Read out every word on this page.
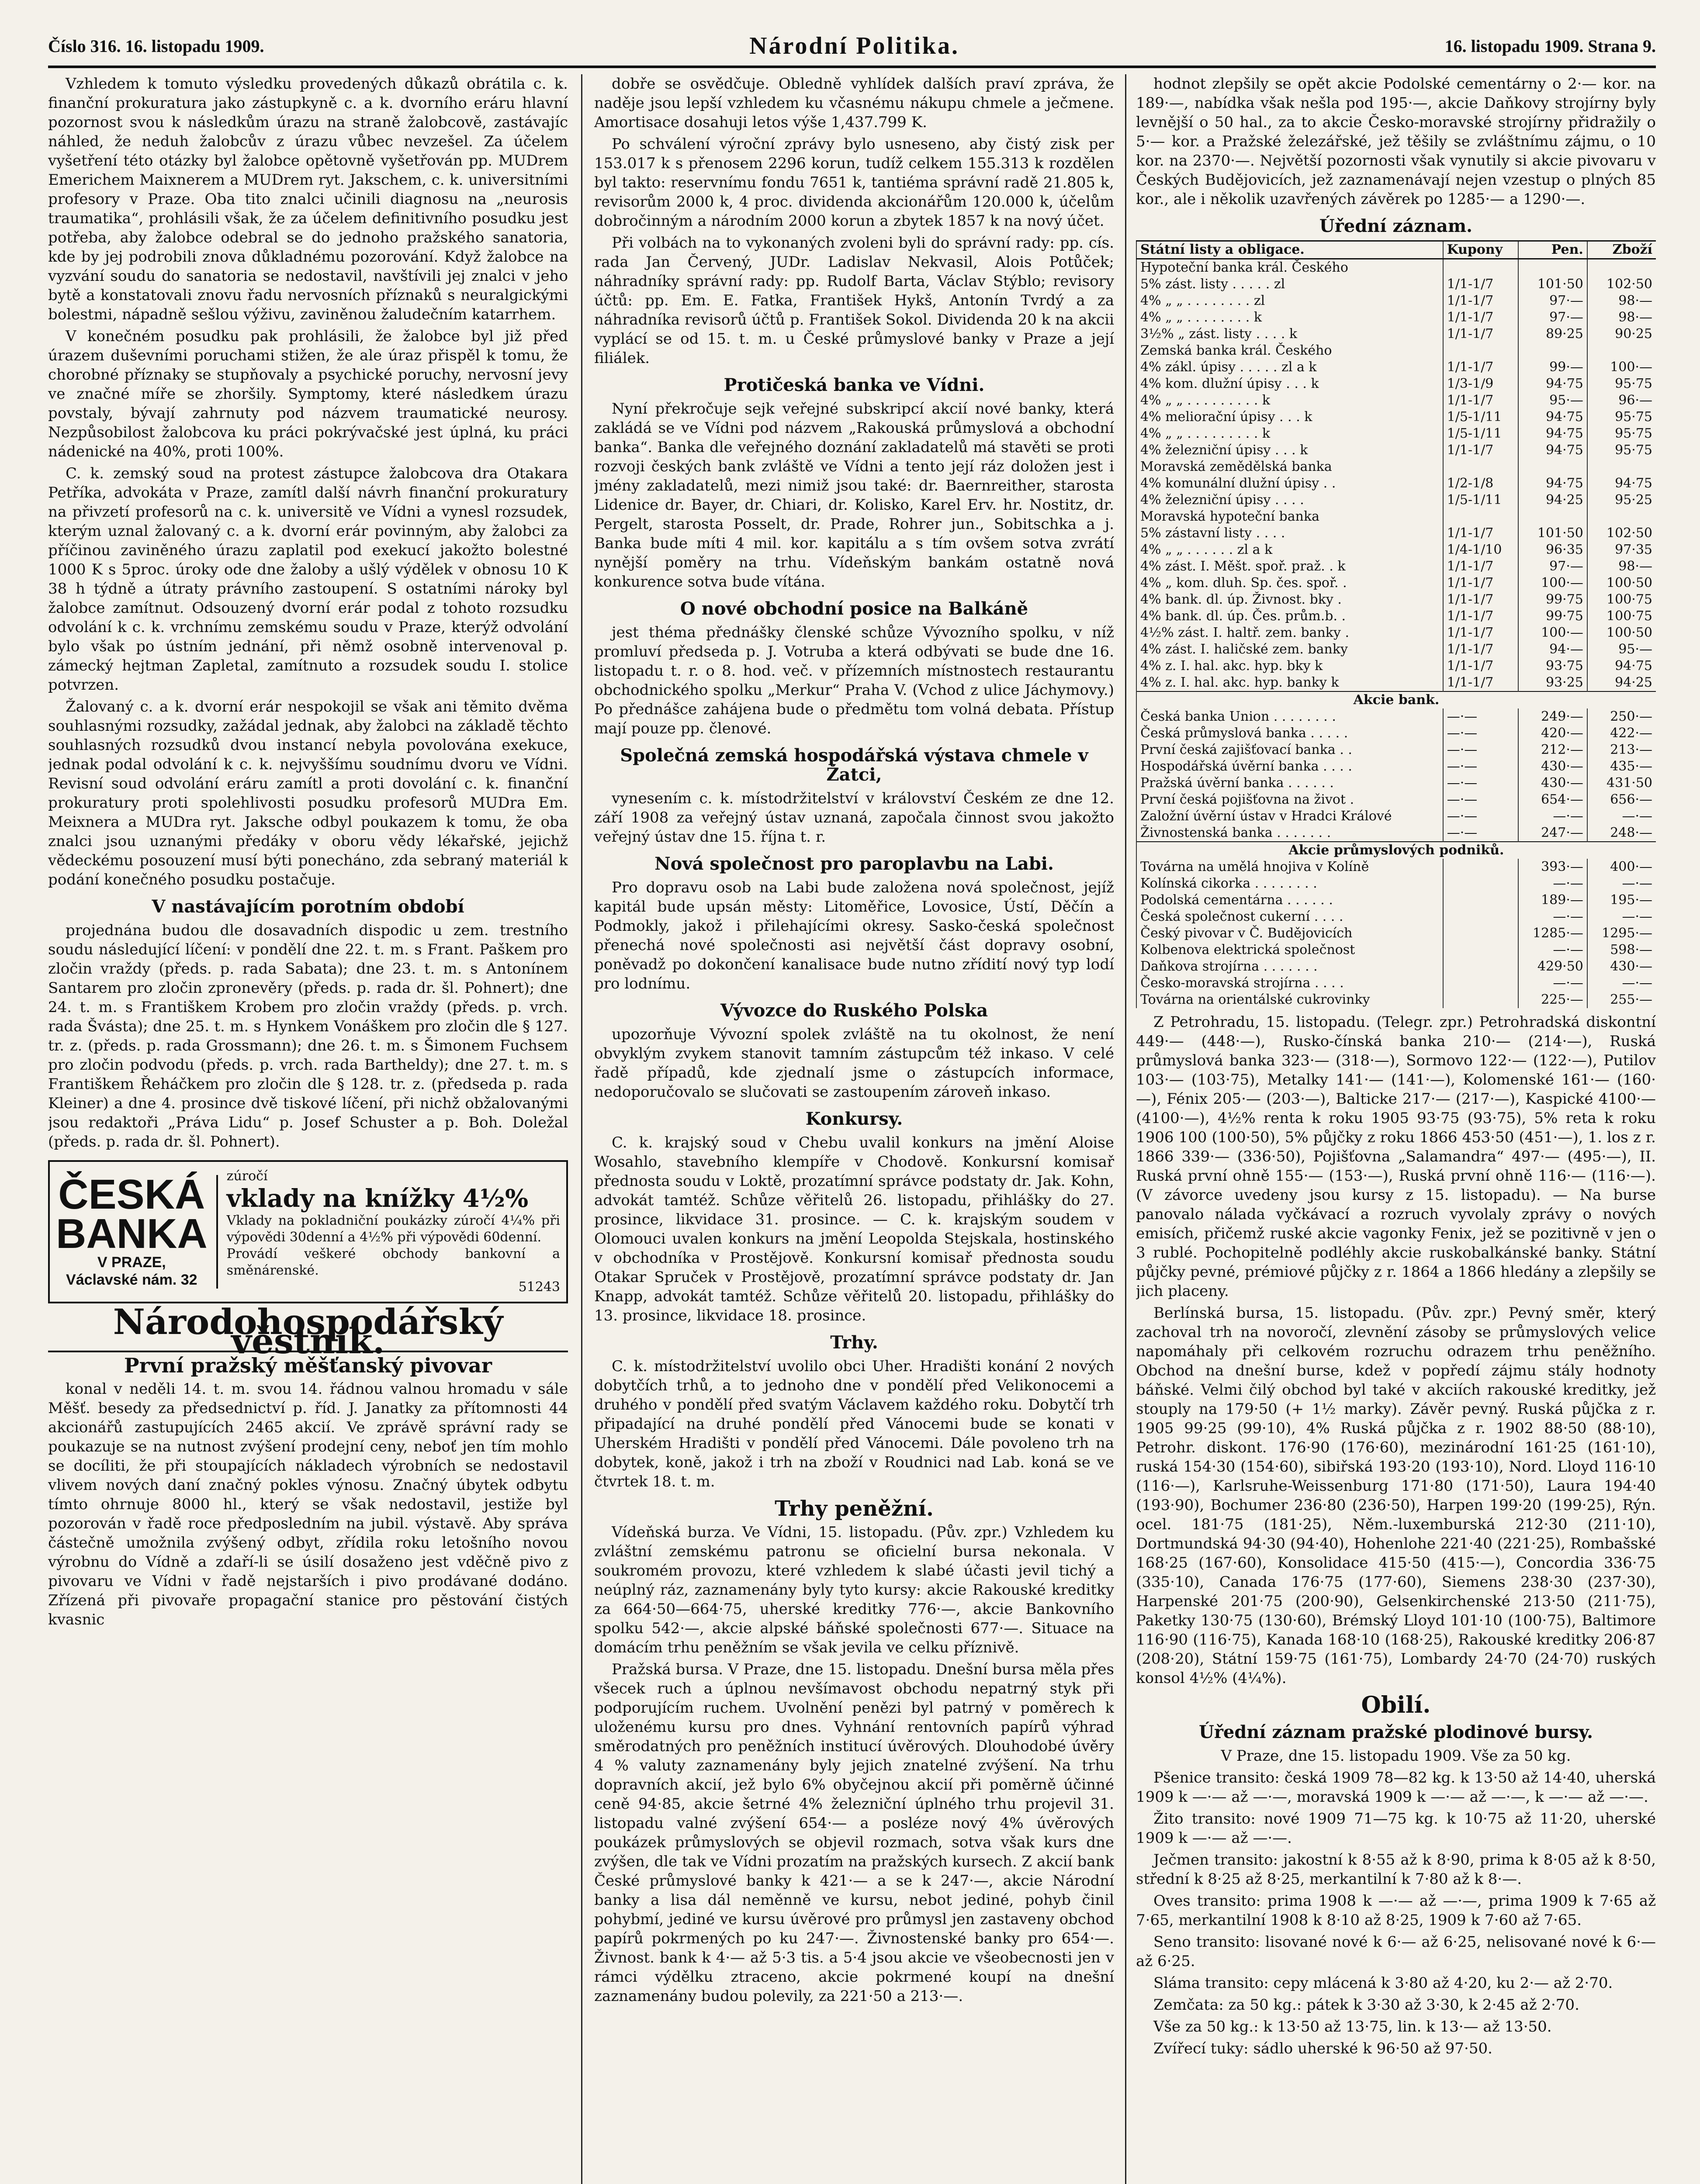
Číslo 316. 16. listopadu 1909.	Národní Politika.	16. listopadu 1909. Strana 9.

Vzhledem k tomuto výsledku provedených důkazů obrátila c. k. finanční prokuratura jako zástupkyně c. a k. dvorního eráru hlavní pozornost svou k následkům úrazu na straně žalobcově, zastávajíc náhled, že neduh žalobcův z úrazu vůbec nevzešel. Za účelem vyšetření této otázky byl žalobce opětovně vyšetřován pp. MUDrem Emerichem Maixnerem a MUDrem ryt. Jakschem, c. k. universitními profesory v Praze. Oba tito znalci učinili diagnosu na „neurosis traumatika“, prohlásili však, že za účelem definitivního posudku jest potřeba, aby žalobce odebral se do jednoho pražského sanatoria, kde by jej podrobili znova důkladnému pozorování. Když žalobce na vyzvání soudu do sanatoria se nedostavil, navštívili jej znalci v jeho bytě a konstatovali znovu řadu nervosních příznaků s neuralgickými bolestmi, nápadně sešlou výživu, zaviněnou žaludečním katarrhem.

V konečném posudku pak prohlásili, že žalobce byl již před úrazem duševními poruchami stižen, že ale úraz přispěl k tomu, že chorobné příznaky se stupňovaly a psychické poruchy, nervosní jevy ve značné míře se zhoršily. Symptomy, které následkem úrazu povstaly, bývají zahrnuty pod názvem traumatické neurosy. Nezpůsobilost žalobcova ku práci pokrývačské jest úplná, ku práci nádenické na 40%, proti 100%.

C. k. zemský soud na protest zástupce žalobcova dra Otakara Petříka, advokáta v Praze, zamítl další návrh finanční prokuratury na přivzetí profesorů na c. k. universitě ve Vídni a vynesl rozsudek, kterým uznal žalovaný c. a k. dvorní erár povinným, aby žalobci za příčinou zaviněného úrazu zaplatil pod exekucí jakožto bolestné 1000 K s 5proc. úroky ode dne žaloby a ušlý výdělek v obnosu 10 K 38 h týdně a útraty právního zastoupení. S ostatními nároky byl žalobce zamítnut. Odsouzený dvorní erár podal z tohoto rozsudku odvolání k c. k. vrchnímu zemskému soudu v Praze, kterýž odvolání bylo však po ústním jednání, při němž osobně intervenoval p. zámecký hejtman Zapletal, zamítnuto a rozsudek soudu I. stolice potvrzen.

Žalovaný c. a k. dvorní erár nespokojil se však ani těmito dvěma souhlasnými rozsudky, zažádal jednak, aby žalobci na základě těchto souhlasných rozsudků dvou instancí nebyla povolována exekuce, jednak podal odvolání k c. k. nejvyššímu soudnímu dvoru ve Vídni. Revisní soud odvolání eráru zamítl a proti dovolání c. k. finanční prokuratury proti spolehlivosti posudku profesorů MUDra Em. Meixnera a MUDra ryt. Jakschе odbyl poukazem k tomu, že oba znalci jsou uznanými předáky v oboru vědy lékařské, jejichž vědeckému posouzení musí býti ponecháno, zda sebraný materiál k podání konečného posudku postačuje.

V nastávajícím porotním období

projednána budou dle dosavadních dispodic u zem. trestního soudu následující líčení: v pondělí dne 22. t. m. s Frant. Paškem pro zločin vraždy (předs. p. rada Sabata); dne 23. t. m. s Antonínem Santarem pro zločin zpronevěry (předs. p. rada dr. šl. Pohnert); dne 24. t. m. s Františkem Krobem pro zločin vraždy (předs. p. vrch. rada Švásta); dne 25. t. m. s Hynkem Vonáškem pro zločin dle § 127. tr. z. (předs. p. rada Grossmann); dne 26. t. m. s Šimonem Fuchsem pro zločin podvodu (předs. p. vrch. rada Bartheldy); dne 27. t. m. s Františkem Řeháčkem pro zločin dle § 128. tr. z. (předseda p. rada Kleiner) a dne 4. prosince dvě tiskové líčení, při nichž obžalovanými jsou redaktoři „Práva Lidu“ p. Josef Schuster a p. Boh. Doležal (předs. p. rada dr. šl. Pohnert).

ČESKÁ
BANKA
V PRAZE,
Václavské nám. 32
zúročí
vklady na knížky 4½%
Vklady na pokladniční poukázky zúročí 4¼% při výpovědi 30denní a 4½% při výpovědi 60denní.
Provádí veškeré obchody bankovní a směnárenské.
51243
Národohospodářský věstník.
První pražský měšťanský pivovar

konal v neděli 14. t. m. svou 14. řádnou valnou hromadu v sále Měšť. besedy za předsednictví p. říd. J. Janatky za přítomnosti 44 akcionářů zastupujících 2465 akcií. Ve zprávě správní rady se poukazuje se na nutnost zvýšení prodejní ceny, neboť jen tím mohlo se docíliti, že při stoupajících nákladech výrobních se nedostavil vlivem nových daní značný pokles výnosu. Značný úbytek odbytu tímto ohrnuje 8000 hl., který se však nedostavil, jestiže byl pozorován v řadě roce předposledním na jubil. výstavě. Aby správa částečně umožnila zvýšený odbyt, zřídila roku letošního novou výrobnu do Vídně a zdaří-li se úsilí dosaženo jest vděčně pivo z pivovaru ve Vídni v řadě nejstarších i pivo prodávané dodáno. Zřízená při pivovaře propagační stanice pro pěstování čistých kvasnic

dobře se osvědčuje. Obledně vyhlídek dalších praví zpráva, že naděje jsou lepší vzhledem ku včasnému nákupu chmele a ječmene. Amortisace dosahuji letos výše 1,437.799 K.

Po schválení výroční zprávy bylo usneseno, aby čistý zisk per 153.017 k s přenosem 2296 korun, tudíž celkem 155.313 k rozdělen byl takto: reservnímu fondu 7651 k, tantiéma správní radě 21.805 k, revisorům 2000 k, 4 proc. dividenda akcionářům 120.000 k, účelům dobročinným a národním 2000 korun a zbytek 1857 k na nový účet.

Při volbách na to vykonaných zvoleni byli do správní rady: pp. cís. rada Jan Červený, JUDr. Ladislav Nekvasil, Alois Potůček; náhradníky správní rady: pp. Rudolf Barta, Václav Stýblo; revisory účtů: pp. Em. E. Fatka, František Hykš, Antonín Tvrdý a za náhradníka revisorů účtů p. František Sokol. Dividenda 20 k na akcii vyplácí se od 15. t. m. u České průmyslové banky v Praze a její filiálek.

Protičeská banka ve Vídni.

Nyní překročuje sejk veřejné subskripcí akcií nové banky, která zakládá se ve Vídni pod názvem „Rakouská průmyslová a obchodní banka“. Banka dle veřejného doznání zakladatelů má stavěti se proti rozvoji českých bank zvláště ve Vídni a tento její ráz doložen jest i jmény zakladatelů, mezi nimiž jsou také: dr. Baernreither, starosta Lidenice dr. Bayer, dr. Chiari, dr. Kolisko, Karel Erv. hr. Nostitz, dr. Pergelt, starosta Posselt, dr. Prade, Rohrer jun., Sobitschka a j. Banka bude míti 4 mil. kor. kapitálu a s tím ovšem sotva zvrátí nynější poměry na trhu. Vídeňským bankám ostatně nová konkurence sotva bude vítána.

O nové obchodní posice na Balkáně

jest théma přednášky členské schůze Vývozního spolku, v níž promluví předseda p. J. Votruba a která odbývati se bude dne 16. listopadu t. r. o 8. hod. več. v přízemních místnostech restaurantu obchodnického spolku „Merkur“ Praha V. (Vchod z ulice Jáchymovy.) Po přednášce zahájena bude o předmětu tom volná debata. Přístup mají pouze pp. členové.

Společná zemská hospodářská výstava chmele v Žatci,

vynesením c. k. místodržitelství v království Českém ze dne 12. září 1908 za veřejný ústav uznaná, započala činnost svou jakožto veřejný ústav dne 15. října t. r.

Nová společnost pro paroplavbu na Labi.

Pro dopravu osob na Labi bude založena nová společnost, jejíž kapitál bude upsán městy: Litoměřice, Lovosice, Ústí, Děčín a Podmokly, jakož i přilehajícími okresy. Sasko-česká společnost přenechá nové společnosti asi největší část dopravy osobní, poněvadž po dokončení kanalisace bude nutno zřídití nový typ lodí pro lodnímu.

Vývozce do Ruského Polska

upozorňuje Vývozní spolek zvláště na tu okolnost, že není obvyklým zvykem stanovit tamním zástupcům též inkaso. V celé řadě případů, kde zjednalí jsme o zástupcích informace, nedoporučovalo se slučovati se zastoupením zároveň inkaso.

Konkursy.

C. k. krajský soud v Chebu uvalil konkurs na jmění Aloise Wosahlo, stavebního klempíře v Chodově. Konkursní komisař přednosta soudu v Loktě, prozatímní správce podstaty dr. Jak. Kohn, advokát tamtéž. Schůze věřitelů 26. listopadu, přihlášky do 27. prosince, likvidace 31. prosince. — C. k. krajským soudem v Olomouci uvalen konkurs na jmění Leopolda Stejskala, hostinského v obchodníka v Prostějově. Konkursní komisař přednosta soudu Otakar Spruček v Prostějově, prozatímní správce podstaty dr. Jan Knapp, advokát tamtéž. Schůze věřitelů 20. listopadu, přihlášky do 13. prosince, likvidace 18. prosince.

Trhy.

C. k. místodržitelství uvolilo obci Uher. Hradišti konání 2 nových dobytčích trhů, a to jednoho dne v pondělí před Velikonocemi a druhého v pondělí před svatým Václavem každého roku. Dobytčí trh připadající na druhé pondělí před Vánocemi bude se konati v Uherském Hradišti v pondělí před Vánocemi. Dále povoleno trh na dobytek, koně, jakož i trh na zboží v Roudnici nad Lab. koná se ve čtvrtek 18. t. m.

Trhy peněžní.

Vídeňská burza. Ve Vídni, 15. listopadu. (Pův. zpr.) Vzhledem ku zvláštní zemskému patronu se oficielní bursa nekonala. V soukromém provozu, které vzhledem k slabé účasti jevil tichý a neúplný ráz, zaznamenány byly tyto kursy: akcie Rakouské kreditky za 664·50—664·75, uherské kreditky 776·—, akcie Bankovního spolku 542·—, akcie alpské báňské společnosti 677·—. Situace na domácím trhu peněžním se však jevila ve celku příznivě.

Pražská bursa. V Praze, dne 15. listopadu. Dnešní bursa měla přes všecek ruch a úplnou nevšímavost obchodu nepatrný styk při podporujícím ruchem. Uvolnění penězi byl patrný v poměrech k uloženému kursu pro dnes. Vyhnání rentovních papírů výhrad směrodatných pro peněžních institucí úvěrových. Dlouhodobé úvěry 4 % valuty zaznamenány byly jejich znatelné zvýšení. Na trhu dopravních akcií, jež bylo 6% obyčejnou akcií při poměrně účinné ceně 94·85, akcie šetrné 4% železniční úplného trhu projevil 31. listopadu valné zvýšení 654·— a posléze nový 4% úvěrových poukázek průmyslových se objevil rozmach, sotva však kurs dne zvýšen, dle tak ve Vídni prozatím na pražských kursech. Z akcií bank České průmyslové banky k 421·— a se k 247·—, akcie Národní banky a lisa dál neměnně ve kursu, nebot jediné, pohyb činil pohybmí, jediné ve kursu úvěrové pro průmysl jen zastaveny obchod papírů pokrmených po ku 247·—. Živnostenské banky pro 654·—. Živnost. bank k 4·— až 5·3 tis. a 5·4 jsou akcie ve všeobecnosti jen v rámci výdělku ztraceno, akcie pokrmené koupí na dnešní zaznamenány budou polevily, za 221·50 a 213·—.

hodnot zlepšily se opět akcie Podolské cementárny o 2·— kor. na 189·—, nabídka však nešla pod 195·—, akcie Daňkovy strojírny byly levnější o 50 hal., za to akcie Česko-moravské strojírny přidražily o 5·— kor. a Pražské železářské, jež těšily se zvláštnímu zájmu, o 10 kor. na 2370·—. Největší pozornosti však vynutily si akcie pivovaru v Českých Budějovicích, jež zaznamenávají nejen vzestup o plných 85 kor., ale i několik uzavřených závěrek po 1285·— a 1290·—.

Úřední záznam.
Státní listy a obligace.	Kupony	Pen.	Zboží
Hypoteční banka král. Českého			
5% zást. listy . . . . . zl	1/1-1/7	101·50	102·50
4% „ „ . . . . . . . . zl	1/1-1/7	97·—	98·—
4% „ „ . . . . . . . . k	1/1-1/7	97·—	98·—
3½% „ zást. listy . . . . k	1/1-1/7	89·25	90·25
Zemská banka král. Českého			
4% zákl. úpisy . . . . . zl a k	1/1-1/7	99·—	100·—
4% kom. dlužní úpisy . . . k	1/3-1/9	94·75	95·75
4% „ „ . . . . . . . . . k	1/1-1/7	95·—	96·—
4% meliorační úpisy . . . k	1/5-1/11	94·75	95·75
4% „ „ . . . . . . . . . k	1/5-1/11	94·75	95·75
4% železniční úpisy . . . k	1/1-1/7	94·75	95·75
Moravská zemědělská banka			
4% komunální dlužní úpisy . .	1/2-1/8	94·75	94·75
4% železniční úpisy . . . .	1/5-1/11	94·25	95·25
Moravská hypoteční banka			
5% zástavní listy . . . .	1/1-1/7	101·50	102·50
4% „ „ . . . . . . zl a k	1/4-1/10	96·35	97·35
4% zást. I. Měšt. spoř. praž. . k	1/1-1/7	97·—	98·—
4% „ kom. dluh. Sp. čes. spoř. .	1/1-1/7	100·—	100·50
4% bank. dl. úp. Živnost. bky .	1/1-1/7	99·75	100·75
4% bank. dl. úp. Čes. prům.b. .	1/1-1/7	99·75	100·75
4½% zást. I. haltř. zem. banky .	1/1-1/7	100·—	100·50
4% zást. I. haličské zem. banky	1/1-1/7	94·—	95·—
4% z. I. hal. akc. hyp. bky k	1/1-1/7	93·75	94·75
4% z. I. hal. akc. hyp. banky k	1/1-1/7	93·25	94·25
Akcie bank.			
Česká banka Union . . . . . . . .	—·—	249·—	250·—
Česká průmyslová banka . . . . .	—·—	420·—	422·—
První česká zajišťovací banka . .	—·—	212·—	213·—
Hospodářská úvěrní banka . . . .	—·—	430·—	435·—
Pražská úvěrní banka . . . . . .	—·—	430·—	431·50
První česká pojišťovna na život .	—·—	654·—	656·—
Založní úvěrní ústav v Hradci Králové	—·—	—·—	—·—
Živnostenská banka . . . . . . .	—·—	247·—	248·—
Akcie průmyslových podniků.			
Továrna na umělá hnojiva v Kolíně		393·—	400·—
Kolínská cikorka . . . . . . . .		—·—	—·—
Podolská cementárna . . . . . .		189·—	195·—
Česká společnost cukerní . . . .		—·—	—·—
Český pivovar v Č. Budějovicích		1285·—	1295·—
Kolbenova elektrická společnost		—·—	598·—
Daňkova strojírna . . . . . . .		429·50	430·—
Česko-moravská strojírna . . . .		—·—	—·—
Továrna na orientálské cukrovinky		225·—	255·—

Z Petrohradu, 15. listopadu. (Telegr. zpr.) Petrohradská diskontní 449·— (448·—), Rusko-čínská banka 210·— (214·—), Ruská průmyslová banka 323·— (318·—), Sormovo 122·— (122·—), Putilov 103·— (103·75), Metalky 141·— (141·—), Kolomenské 161·— (160·—), Fénix 205·— (203·—), Balticke 217·— (217·—), Kaspické 4100·— (4100·—), 4½% renta k roku 1905 93·75 (93·75), 5% reta k roku 1906 100 (100·50), 5% půjčky z roku 1866 453·50 (451·—), 1. los z r. 1866 339·— (336·50), Pojišťovna „Salamandra“ 497·— (495·—), II. Ruská první ohně 155·— (153·—), Ruská první ohně 116·— (116·—). (V závorce uvedeny jsou kursy z 15. listopadu). — Na burse panovalo nálada vyčkávací a rozruch vyvolaly zprávy o nových emisích, přičemž ruské akcie vagonky Fenix, jež se pozitivně v jen o 3 rublé. Pochopitelně podléhly akcie ruskobalkánské banky. Státní půjčky pevné, prémiové půjčky z r. 1864 a 1866 hledány a zlepšily se jich placeny.

Berlínská bursa, 15. listopadu. (Pův. zpr.) Pevný směr, který zachoval trh na novoročí, zlevnění zásoby se průmyslových velice napomáhaly při celkovém rozruchu odrazem trhu peněžního. Obchod na dnešní burse, kdež v popředí zájmu stály hodnoty báňské. Velmi čilý obchod byl také v akciích rakouské kreditky, jež stouply na 179·50 (+ 1½ marky). Závěr pevný. Ruská půjčka z r. 1905 99·25 (99·10), 4% Ruská půjčka z r. 1902 88·50 (88·10), Petrohr. diskont. 176·90 (176·60), mezinárodní 161·25 (161·10), ruská 154·30 (154·60), sibiřská 193·20 (193·10), Nord. Lloyd 116·10 (116·—), Karlsruhe-Weissenburg 171·80 (171·50), Laura 194·40 (193·90), Bochumer 236·80 (236·50), Harpen 199·20 (199·25), Rýn. ocel. 181·75 (181·25), Něm.-luxemburská 212·30 (211·10), Dortmundská 94·30 (94·40), Hohenlohe 221·40 (221·25), Rombašské 168·25 (167·60), Konsolidace 415·50 (415·—), Concordia 336·75 (335·10), Canada 176·75 (177·60), Siemens 238·30 (237·30), Harpenské 201·75 (200·90), Gelsenkirchenské 213·50 (211·75), Paketky 130·75 (130·60), Brémský Lloyd 101·10 (100·75), Baltimore 116·90 (116·75), Kanada 168·10 (168·25), Rakouské kreditky 206·87 (208·20), Státní 159·75 (161·75), Lombardy 24·70 (24·70) ruských konsol 4½% (4¼%).

Obilí.
Úřední záznam pražské plodinové bursy.

V Praze, dne 15. listopadu 1909. Vše za 50 kg.

Pšenice transito: česká 1909 78—82 kg. k 13·50 až 14·40, uherská 1909 k —·— až —·—, moravská 1909 k —·— až —·—, k —·— až —·—.

Žito transito: nové 1909 71—75 kg. k 10·75 až 11·20, uherské 1909 k —·— až —·—.

Ječmen transito: jakostní k 8·55 až k 8·90, prima k 8·05 až k 8·50, střední k 8·25 až 8·25, merkantilní k 7·80 až k 8·—.

Oves transito: prima 1908 k —·— až —·—, prima 1909 k 7·65 až 7·65, merkantilní 1908 k 8·10 až 8·25, 1909 k 7·60 až 7·65.

Seno transito: lisované nové k 6·— až 6·25, nelisované nové k 6·— až 6·25.

Sláma transito: cepy mlácená k 3·80 až 4·20, ku 2·— až 2·70.

Zemčata: za 50 kg.: pátek k 3·30 až 3·30, k 2·45 až 2·70.

Vše za 50 kg.: k 13·50 až 13·75, lin. k 13·— až 13·50.

Zvířecí tuky: sádlo uherské k 96·50 až 97·50.
